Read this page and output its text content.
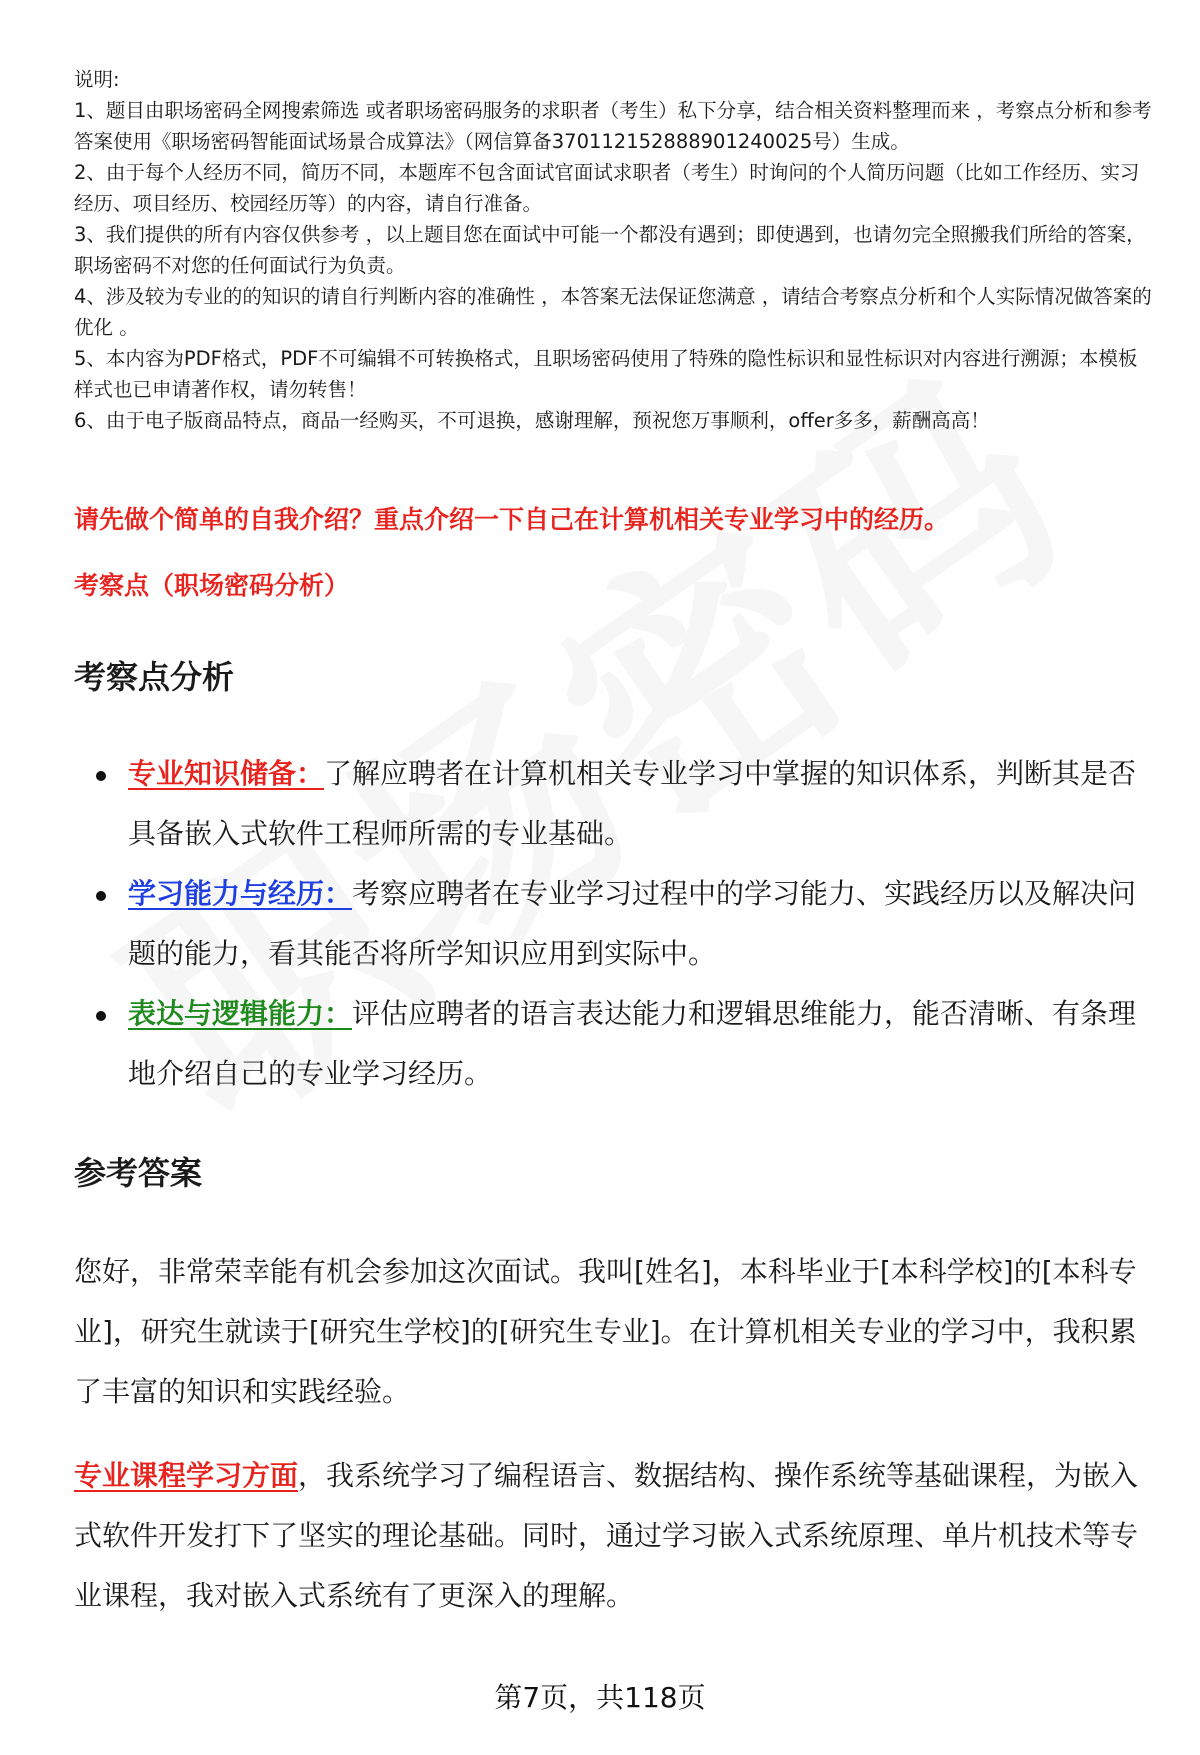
说明:

1、题目由职场密码全网搜索筛选 或者职场密码服务的求职者（考生）私下分享，结合相关资料整理而来 ，考察点分析和参考答案使用《职场密码智能面试场景合成算法》（网信算备370112152888901240025号）生成。

2、由于每个人经历不同，简历不同，本题库不包含面试官面试求职者（考生）时询问的个人简历问题（比如工作经历、实习经历、项目经历、校园经历等）的内容，请自行准备。

3、我们提供的所有内容仅供参考 ，以上题目您在面试中可能一个都没有遇到；即使遇到，也请勿完全照搬我们所给的答案，职场密码不对您的任何面试行为负责。

4、涉及较为专业的的知识的请自行判断内容的准确性 ，本答案无法保证您满意 ，请结合考察点分析和个人实际情况做答案的优化 。

5、本内容为PDF格式，PDF不可编辑不可转换格式，且职场密码使用了特殊的隐性标识和显性标识对内容进行溯源；本模板样式也已申请著作权，请勿转售！

6、由于电子版商品特点，商品一经购买，不可退换，感谢理解，预祝您万事顺利，offer多多，薪酬高高！

请先做个简单的自我介绍？重点介绍一下自己在计算机相关专业学习中的经历。
考察点（职场密码分析）
考察点分析
专业知识储备：了解应聘者在计算机相关专业学习中掌握的知识体系，判断其是否具备嵌入式软件工程师所需的专业基础。
学习能力与经历：考察应聘者在专业学习过程中的学习能力、实践经历以及解决问题的能力，看其能否将所学知识应用到实际中。
表达与逻辑能力：评估应聘者的语言表达能力和逻辑思维能力，能否清晰、有条理地介绍自己的专业学习经历。
参考答案

您好，非常荣幸能有机会参加这次面试。我叫[姓名]，本科毕业于[本科学校]的[本科专业]，研究生就读于[研究生学校]的[研究生专业]。在计算机相关专业的学习中，我积累了丰富的知识和实践经验。

专业课程学习方面，我系统学习了编程语言、数据结构、操作系统等基础课程，为嵌入式软件开发打下了坚实的理论基础。同时，通过学习嵌入式系统原理、单片机技术等专业课程，我对嵌入式系统有了更深入的理解。

第7页，共118页
